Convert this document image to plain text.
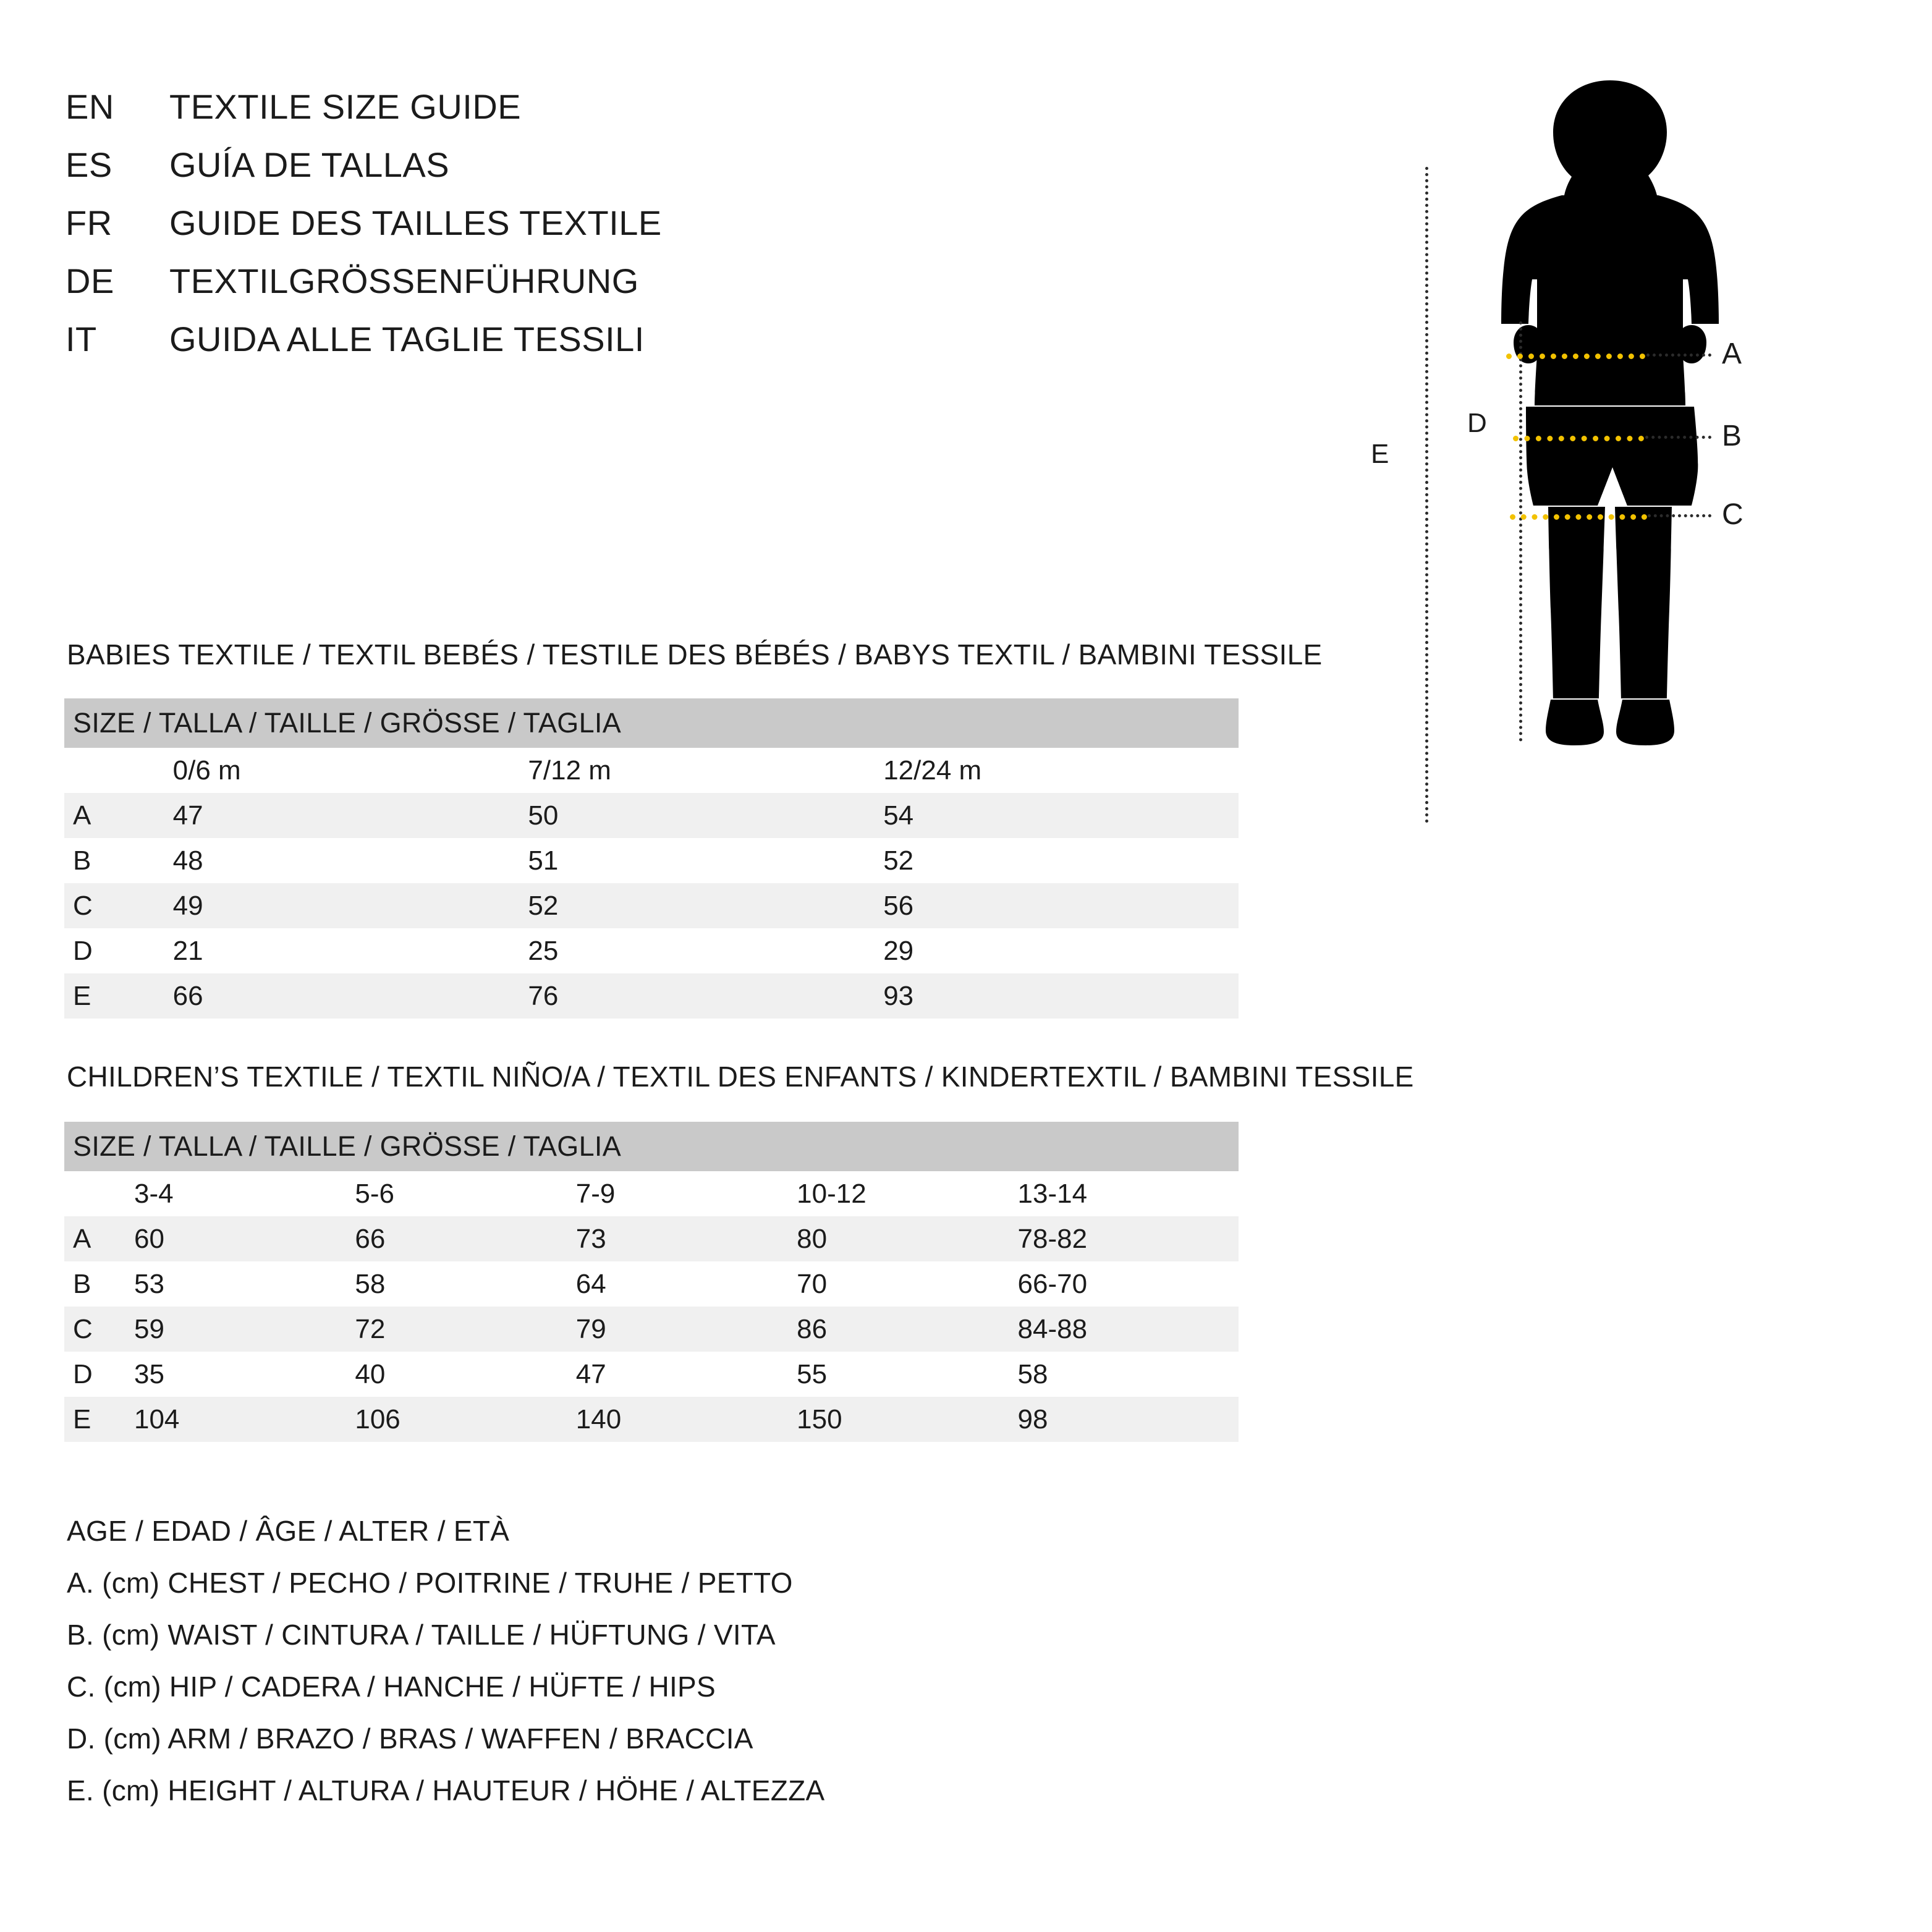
EN	TEXTILE SIZE GUIDE
ES	GUÍA DE TALLAS
FR	GUIDE DES TAILLES TEXTILE
DE	TEXTILGRÖSSENFÜHRUNG
IT	GUIDA ALLE TAGLIE TESSILI
E
D
A
B
C
BABIES TEXTILE / TEXTIL BEBÉS / TESTILE DES BÉBÉS / BABYS TEXTIL / BAMBINI TESSILE
SIZE / TALLA / TAILLE / GRÖSSE / TAGLIA			
	0/6 m	7/12 m	12/24 m
A	47	50	54
B	48	51	52
C	49	52	56
D	21	25	29
E	66	76	93
CHILDREN’S TEXTILE / TEXTIL NIÑO/A / TEXTIL DES ENFANTS / KINDERTEXTIL / BAMBINI TESSILE
SIZE / TALLA / TAILLE / GRÖSSE / TAGLIA					
	3-4	5-6	7-9	10-12	13-14
A	60	66	73	80	78-82
B	53	58	64	70	66-70
C	59	72	79	86	84-88
D	35	40	47	55	58
E	104	106	140	150	98
AGE / EDAD / ÂGE / ALTER / ETÀ
A. (cm) CHEST / PECHO / POITRINE / TRUHE / PETTO
B. (cm) WAIST / CINTURA / TAILLE / HÜFTUNG / VITA
C. (cm) HIP / CADERA / HANCHE / HÜFTE / HIPS
D. (cm) ARM / BRAZO / BRAS / WAFFEN / BRACCIA
E. (cm) HEIGHT / ALTURA / HAUTEUR / HÖHE / ALTEZZA
